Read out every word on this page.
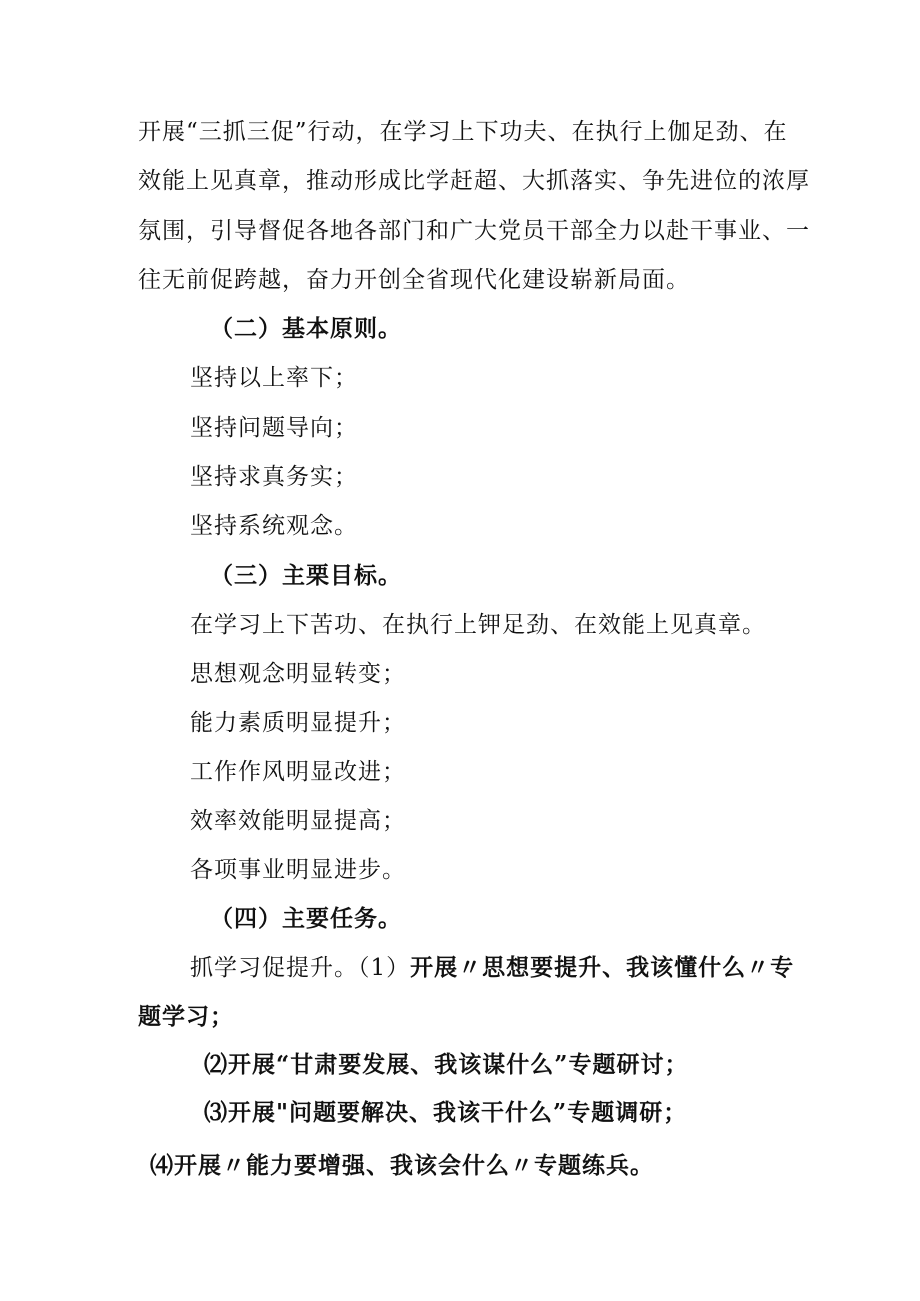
开展“三抓三促”行动，在学习上下功夫、在执行上伽足劲、在
效能上见真章，推动形成比学赶超、大抓落实、争先进位的浓厚
氛围，引导督促各地各部门和广大党员干部全力以赴干事业、一
往无前促跨越，奋力开创全省现代化建设崭新局面。
（二）基本原则。
坚持以上率下；
坚持问题导向；
坚持求真务实；
坚持系统观念。
（三）主栗目标。
在学习上下苦功、在执行上钾足劲、在效能上见真章。
思想观念明显转变；
能力素质明显提升；
工作作风明显改进；
效率效能明显提高；
各项事业明显进步。
（四）主要任务。
抓学习促提升。（1）开展〃思想要提升、我该懂什么〃专
题学习；
⑵开展“甘肃要发展、我该谋什么”专题研讨；
⑶开展"问题要解决、我该干什么”专题调研；
⑷开展〃能力要增强、我该会什么〃专题练兵。
